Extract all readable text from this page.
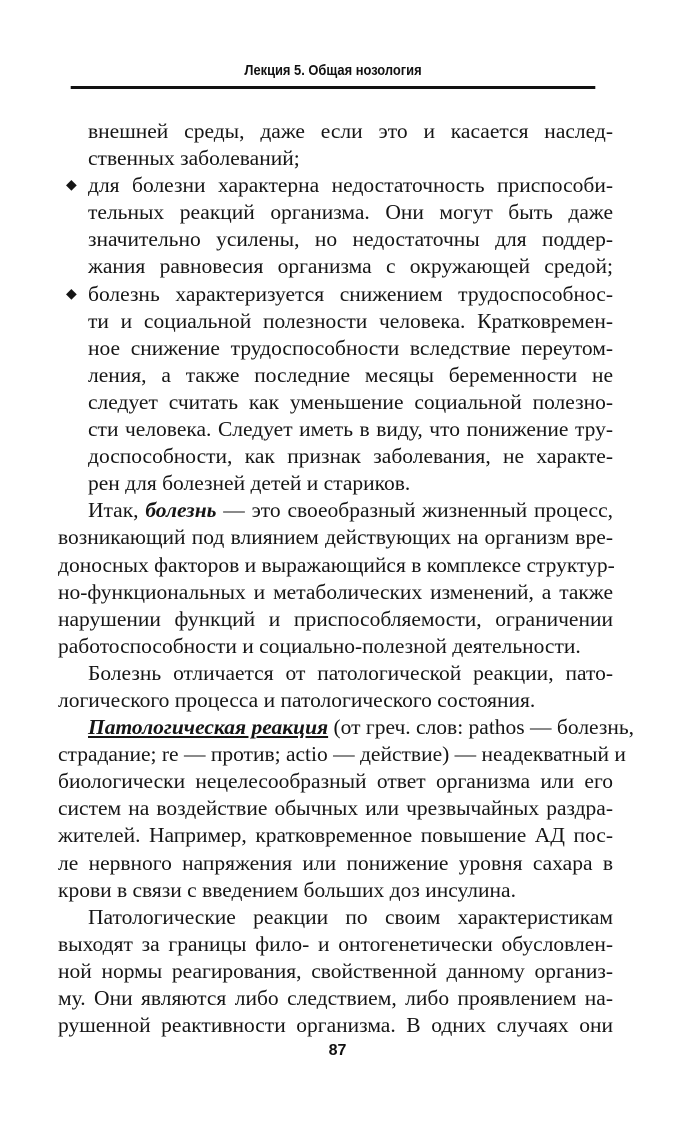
Лекция 5. Общая нозология
внешней среды, даже если это и касается наслед-
ственных заболеваний;
◆ для болезни характерна недостаточность приспособи-
тельных реакций организма. Они могут быть даже
значительно усилены, но недостаточны для поддер-
жания равновесия организма с окружающей средой;
◆ болезнь характеризуется снижением трудоспособнос-
ти и социальной полезности человека. Кратковремен-
ное снижение трудоспособности вследствие переутом-
ления, а также последние месяцы беременности не
следует считать как уменьшение социальной полезно-
сти человека. Следует иметь в виду, что понижение тру-
доспособности, как признак заболевания, не характе-
рен для болезней детей и стариков.
Итак, болезнь — это своеобразный жизненный процесс,
возникающий под влиянием действующих на организм вре-
доносных факторов и выражающийся в комплексе структур-
но-функциональных и метаболических изменений, а также
нарушении функций и приспособляемости, ограничении
работоспособности и социально-полезной деятельности.
Болезнь отличается от патологической реакции, пато-
логического процесса и патологического состояния.
Патологическая реакция (от греч. слов: pathos — болезнь,
страдание; re — против; actio — действие) — неадекватный и
биологически нецелесообразный ответ организма или его
систем на воздействие обычных или чрезвычайных раздра-
жителей. Например, кратковременное повышение АД пос-
ле нервного напряжения или понижение уровня сахара в
крови в связи с введением больших доз инсулина.
Патологические реакции по своим характеристикам
выходят за границы фило- и онтогенетически обусловлен-
ной нормы реагирования, свойственной данному организ-
му. Они являются либо следствием, либо проявлением на-
рушенной реактивности организма. В одних случаях они
87
